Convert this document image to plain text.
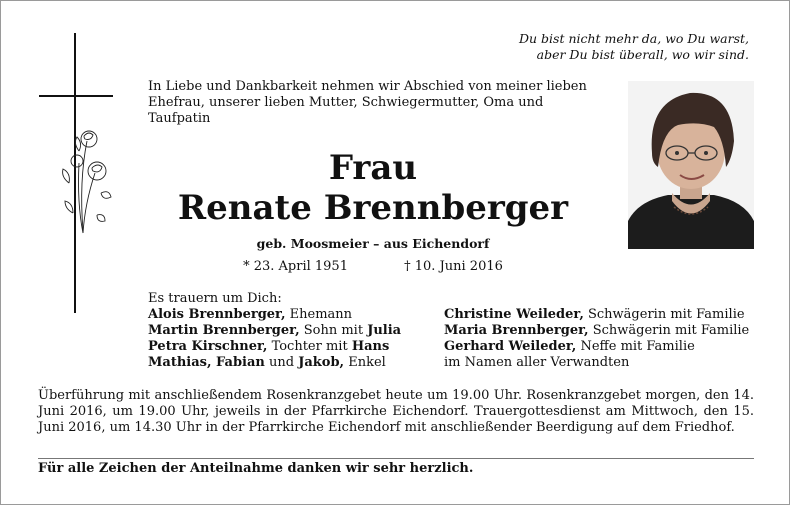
Du bist nicht mehr da, wo Du warst,
aber Du bist überall, wo wir sind.
In Liebe und Dankbarkeit nehmen wir Abschied von meiner lieben Ehefrau, unserer lieben Mutter, Schwiegermutter, Oma und Taufpatin
Frau
Renate Brennberger
geb. Moosmeier – aus Eichendorf
* 23. April 1951	† 10. Juni 2016
Es trauern um Dich:
Alois Brennberger, Ehemann
Martin Brennberger, Sohn mit Julia
Petra Kirschner, Tochter mit Hans
Mathias, Fabian und Jakob, Enkel
Christine Weileder, Schwägerin mit Familie
Maria Brennberger, Schwägerin mit Familie
Gerhard Weileder, Neffe mit Familie
im Namen aller Verwandten
Überführung mit anschließendem Rosenkranzgebet heute um 19.00 Uhr. Rosenkranzgebet morgen, den 14. Juni 2016, um 19.00 Uhr, jeweils in der Pfarrkirche Eichendorf. Trauergottesdienst am Mittwoch, den 15. Juni 2016, um 14.30 Uhr in der Pfarrkirche Eichendorf mit anschließender Beerdigung auf dem Friedhof.
Für alle Zeichen der Anteilnahme danken wir sehr herzlich.
